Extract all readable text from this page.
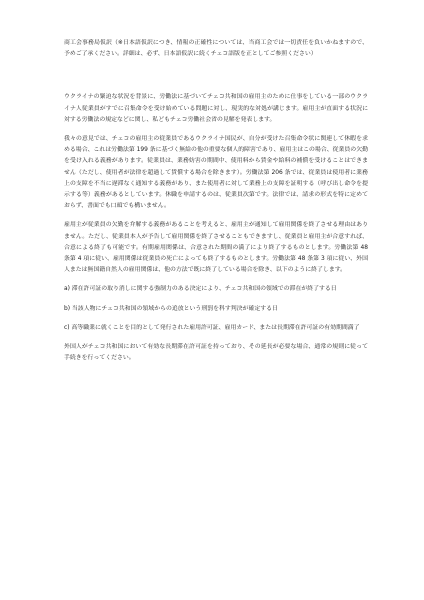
商工会事務局仮訳（※日本語仮訳につき、情報の正確性については、当商工会では一切責任を負いかねますので、予めご了承ください。詳細は、必ず、日本語仮訳に続くチェコ語版を正としてご参照ください）

ウクライナの緊迫な状況を背景に、労働法に基づいてチェコ共和国の雇用主のために仕事をしている一部のウクライナ人従業員がすでに召集命令を受け始めている問題に対し、現実的な対処が講じます。雇用主が直面する状況に対する労働法の規定などに関し、私どもチェコ労働社会省の見解を発表します。

我々の意見では、チェコの雇用主の従業員であるウクライナ国民が、自分が受けた召集命令状に関連して休暇を求める場合、これは労働法第 199 条に基づく無給の他の重要な個人的障害であり、雇用主はこの場合、従業員の欠勤を受け入れる義務があります。従業員は、業務妨害の期間中、使用料から賃金や給料の補償を受けることはできません（ただし、使用者が法律を超過して賃償する場合を除きます）。労働法第 206 条では、従業員は使用者に業務上の支障を不当に遅滞なく通知する義務があり、また使用者に対して業務上の支障を証明する（呼び出し命令を提示する等）義務があるとしています。休職を申請するのは、従業員次第です。法律では、請求の形式を特に定めておらず、書面でも口頭でも構いません。

雇用主が従業員の欠勤を弁解する義務があることを考えると、雇用主が通知して雇用関係を終了させる理由はありません。ただし、従業員本人が予告して雇用関係を終了させることもできますし、従業員と雇用主が合意すれば、合意による終了も可能です。有期雇用関係は、合意された期間の満了により終了するものとします。労働法第 48 条第 4 項に従い、雇用関係は従業員の死亡によっても終了するものとします。労働法第 48 条第 3 項に従い、外国人または無国籍自然人の雇用関係は、他の方法で既に終了している場合を除き、以下のように終了します。

a) 滞在許可証の取り消しに関する強制力のある決定により、チェコ共和国の領域での滞在が終了する日

b) 当該人物にチェコ共和国の領域からの追放という刑罰を科す判決が確定する日

c) 高等職業に就くことを目的として発行された雇用許可証、雇用カード、または長期滞在許可証の有効期間満了

外国人がチェコ共和国において有効な長期滞在許可証を持っており、その延長が必要な場合、通常の規則に従って手続きを行ってください。
